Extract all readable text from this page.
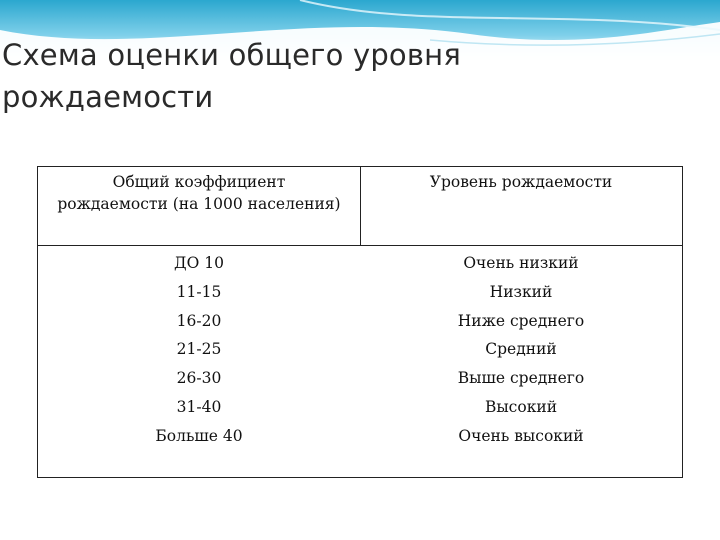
Схема оценки общего уровня
рождаемости
Общий коэффициент
рождаемости (на 1000 населения)
Уровень рождаемости
ДО 10
11-15
16-20
21-25
26-30
31-40
Больше 40
Очень низкий
Низкий
Ниже среднего
Средний
Выше среднего
Высокий
Очень высокий
